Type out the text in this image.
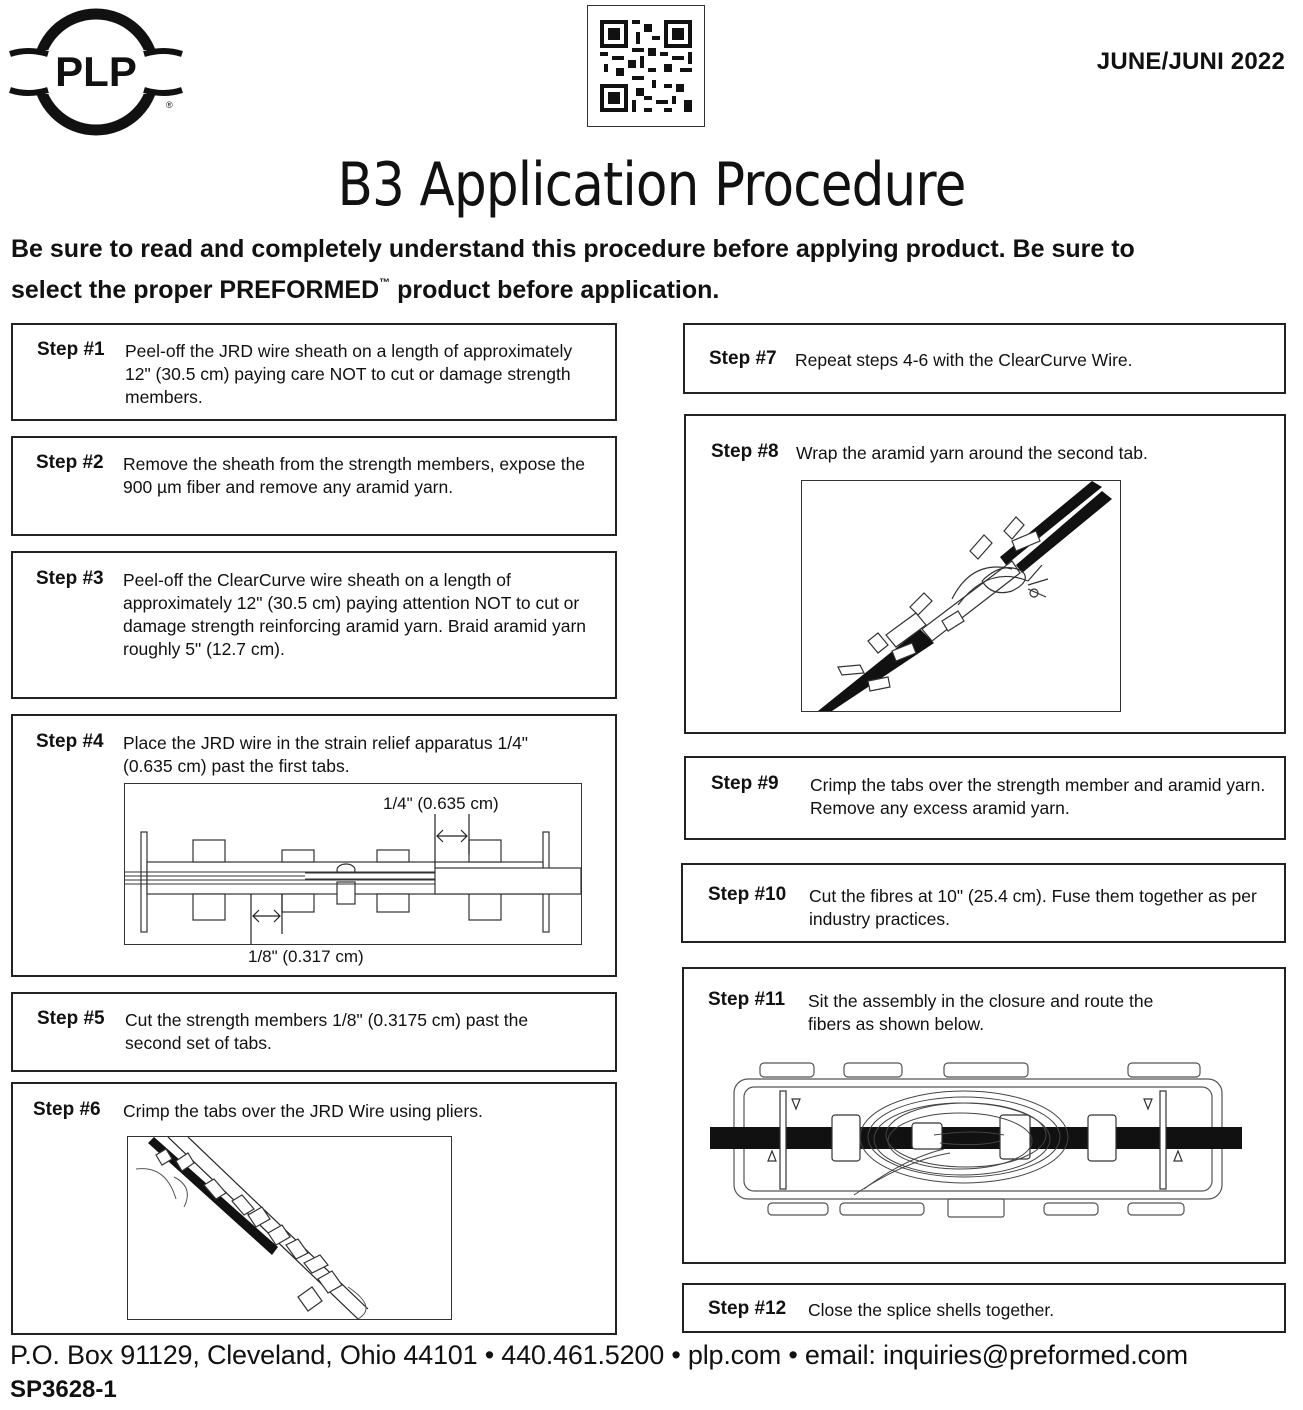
PLP
®
JUNE/JUNI 2022
B3 Application Procedure
Be sure to read and completely understand this procedure before applying product. Be sure to
select the proper PREFORMED™ product before application.
Step #1 Peel-off the JRD wire sheath on a length of approximately 12" (30.5 cm) paying care NOT to cut or damage strength members.
Step #2 Remove the sheath from the strength members, expose the 900 µm fiber and remove any aramid yarn.
Step #3 Peel-off the ClearCurve wire sheath on a length of approximately 12" (30.5 cm) paying attention NOT to cut or damage strength reinforcing aramid yarn. Braid aramid yarn roughly 5" (12.7 cm).
Step #4 Place the JRD wire in the strain relief apparatus 1/4" (0.635 cm) past the first tabs.
1/4" (0.635 cm)
1/8" (0.317 cm)
Step #5 Cut the strength members 1/8" (0.3175 cm) past the second set of tabs.
Step #6 Crimp the tabs over the JRD Wire using pliers.
Step #7 Repeat steps 4-6 with the ClearCurve Wire.
Step #8 Wrap the aramid yarn around the second tab.
Step #9 Crimp the tabs over the strength member and aramid yarn. Remove any excess aramid yarn.
Step #10 Cut the fibres at 10" (25.4 cm). Fuse them together as per industry practices.
Step #11 Sit the assembly in the closure and route the fibers as shown below.
Step #12 Close the splice shells together.
P.O. Box 91129, Cleveland, Ohio 44101 • 440.461.5200 • plp.com • email: inquiries@preformed.com
SP3628-1
